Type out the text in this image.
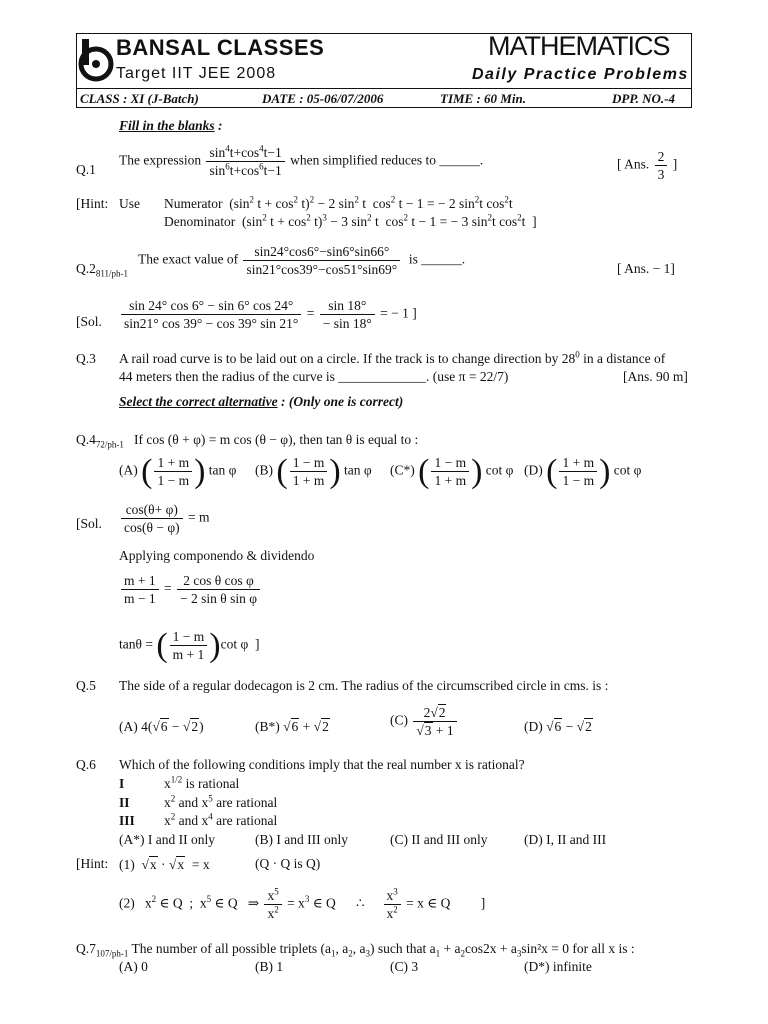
BANSAL CLASSES
Target IIT JEE 2008
MATHEMATICS
Daily Practice Problems
CLASS : XI (J-Batch)	DATE : 05-06/07/2006	TIME : 60 Min.	DPP. NO.-4
Fill in the blanks :
Q.1
The expression $\frac{\sin^4t+\cos^4t-1}{\sin^6t+\cos^6t-1}$ when simplified reduces to ______.	[ Ans. $\frac{2}{3}$ ]
[Hint: Use Numerator  ($\sin^2$ $t + \cos^2 t)^2 - 2$ $\sin^2 t$  $\cos^2 t - 1$ = − 2 $\sin^2t$ $\cos^2t$
Denominator  ($\sin^2$ $t + \cos^2 t)^3 - 3$ $\sin^2 t$  $\cos^2 t - 1$ = − 3 $\sin^2t$ $\cos^2t$  ]
$Q.2_{811/ph-1}$
The exact value of $\frac{\sin 24^\circ\cos 6^\circ-\sin 6^\circ\sin 66^\circ}{\sin 21^\circ\cos 39^\circ-\cos 51^\circ\sin 69^\circ}$ is ______.
[ Ans. − 1]
[Sol. $\frac{\sin 24^\circ \cos 6^\circ - \sin 6^\circ \cos 24^\circ}{\sin 21^\circ \cos 39^\circ - \cos 39^\circ \sin 21^\circ} = \frac{\sin 18^\circ}{- \sin 18^\circ}$ = − 1 ]
Q.3 A rail road curve is to be laid out on a circle. If the track is to change direction by $28^0$ in a distance of
44 meters then the radius of the curve is _____________. (use π = 22/7)	[Ans. 90 m]
Select the correct alternative : (Only one is correct)
$Q.4_{72/ph-1}$ If cos (θ + φ) = m cos (θ − φ), then tan θ is equal to :
(A) ( $\frac{1 + m}{1 - m}$ ) tan φ (B) ( $\frac{1 - m}{1 + m}$ ) tan φ (C*) ( $\frac{1 - m}{1 + m}$ ) cot φ (D) ( $\frac{1 + m}{1 - m}$ ) cot φ
[Sol. $\frac{\cos(\theta+ \varphi)}{\cos(\theta - \varphi)} = m$
Applying componendo & dividendo
$\frac{m + 1}{m - 1} = \frac{\text{2 cos θ cos φ}}{\text{− 2 sin θ sin φ}}$
tanθ = ( $\frac{1 - m}{m + 1} )\cot$ φ  ]
Q.5 The side of a regular dodecagon is 2 cm. The radius of the circumscribed circle in cms. is :
(A) 4(√6 − √2)	(B*) √6 + √2	$(C) \frac{2√2}{√3 + 1}$	(D) √6 − √2
Q.6 Which of the following conditions imply that the real number x is rational?
I	$x^{1/2}$ is rational
II	$x^2$ and $x^5$ are rational
III $x^2$ and $x^4$ are rational
(A*) I and II only	(B) I and III only	(C) II and III only	(D) I, II and III
[Hint: (1)  √x · √x  = x	(Q · Q is Q)
(2)   $x^2$ ∈ Q  ;  $x^5$ ∈ Q   ⇒ $\frac{x^5}{x^2} = x^3$ ∈ Q      ∴ $\frac{x^3}{x^2} = x$ ∈ Q         ]
$Q.7_{107/ph-1}$ The number of all possible triplets ($a_1$, $a_2$, $a_3$) such that $a_1 + a_2\cos 2x + a_3\sin^2x = 0$ for all x is :
(A) 0	(B) 1	(C) 3	(D*) infinite
